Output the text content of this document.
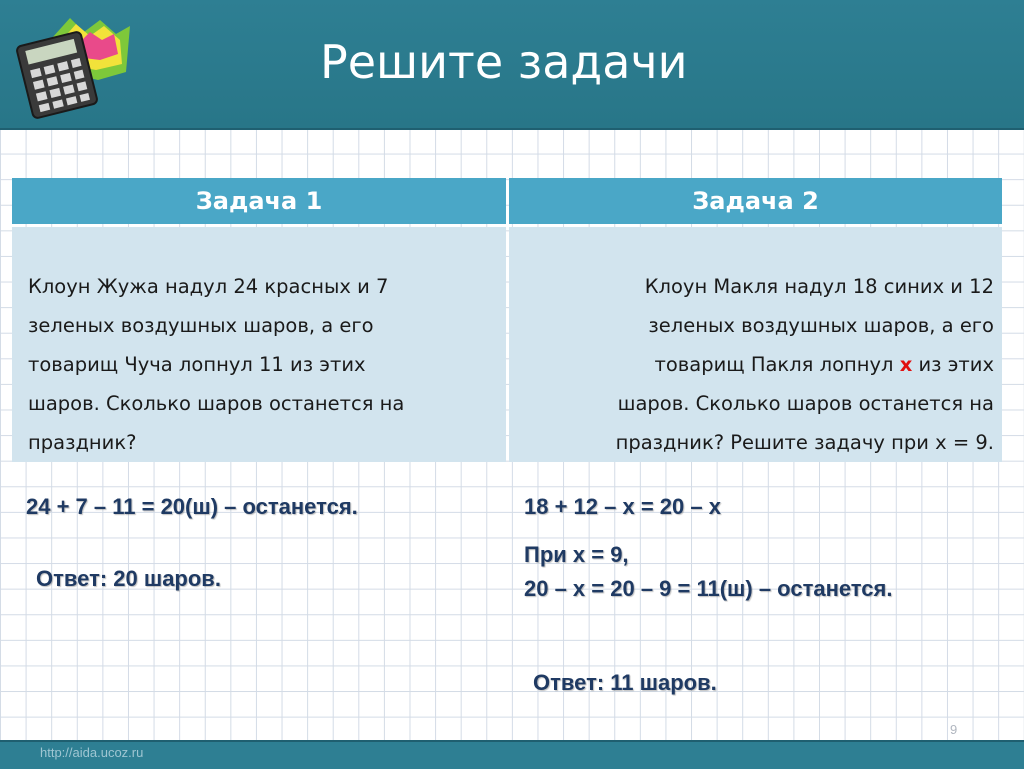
Решите задачи
Задача 1	Задача 2
Клоун Жужа надул 24 красных и 7
зеленых воздушных шаров, а его
товарищ Чуча лопнул 11 из этих
шаров. Сколько шаров останется на
праздник?
Клоун Макля надул 18 синих и 12
зеленых воздушных шаров, а его
товарищ Пакля лопнул х из этих
шаров. Сколько шаров останется на
праздник? Решите задачу при х = 9.
24 + 7 – 11 = 20(ш) – останется.
Ответ: 20 шаров.
18 + 12 – х = 20 – х
При х = 9,
20 – х = 20 – 9 = 11(ш) – останется.
Ответ: 11 шаров.
9
http://aida.ucoz.ru
